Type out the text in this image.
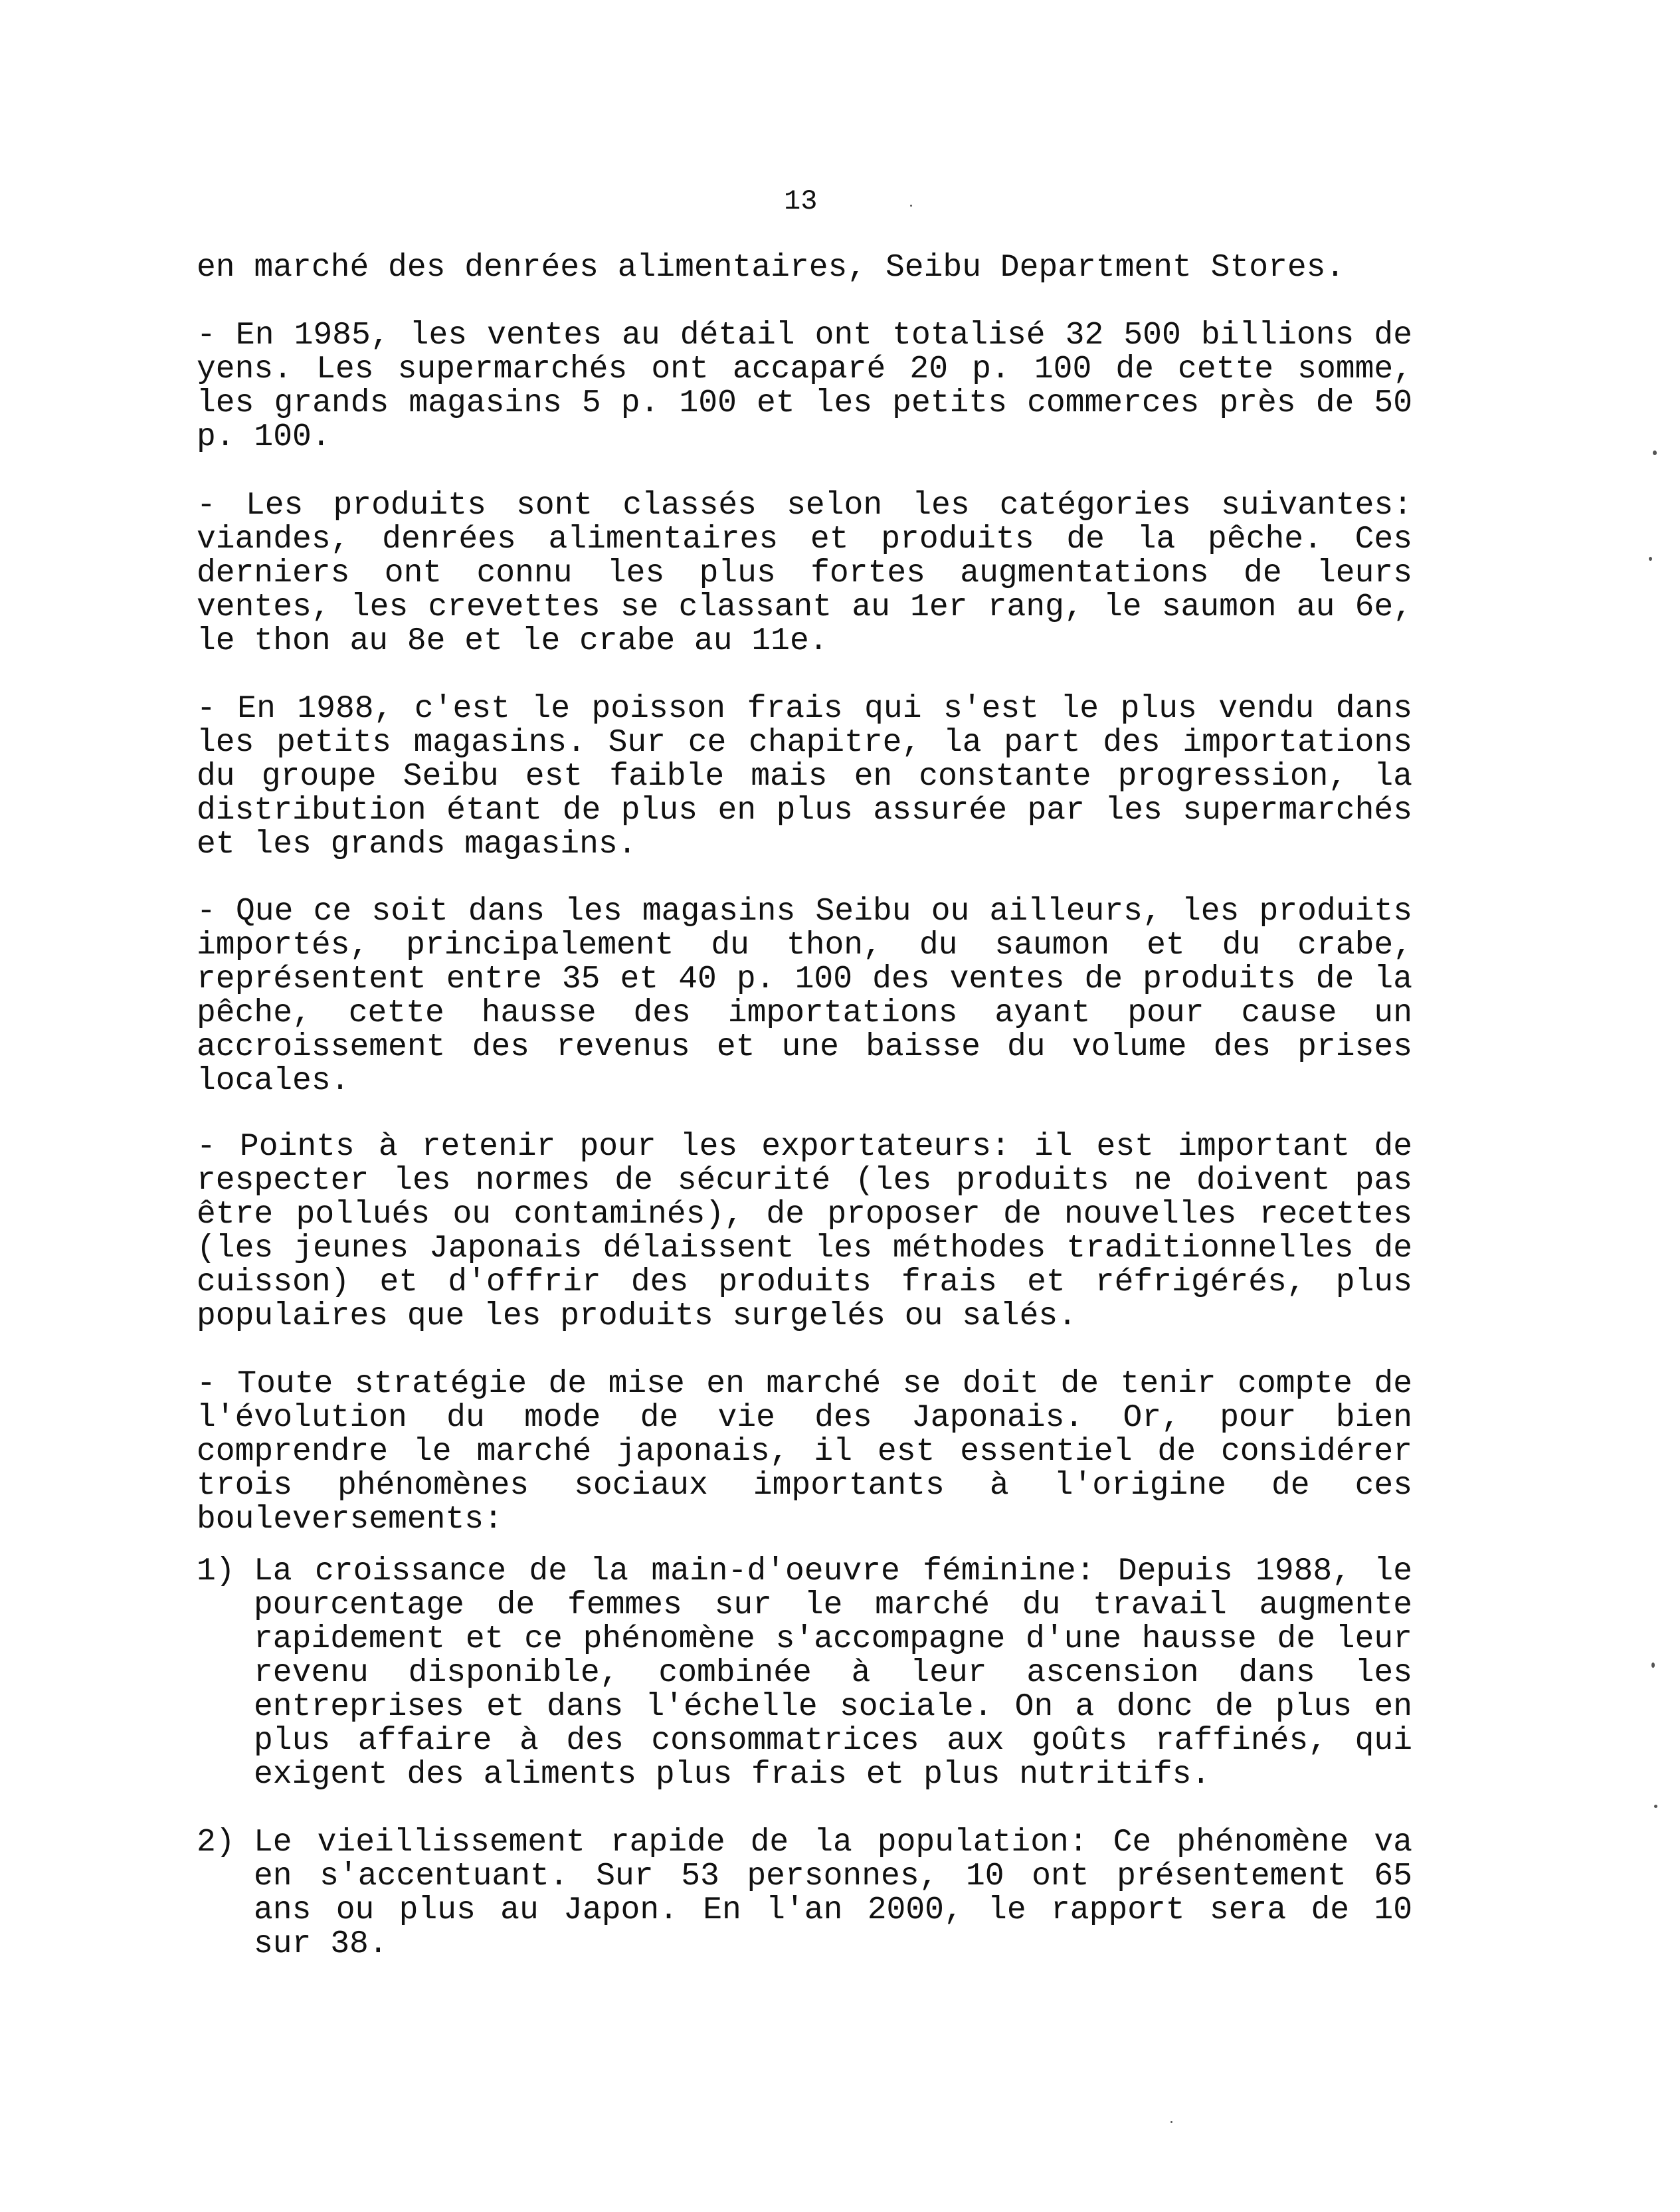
13

en marché des denrées alimentaires, Seibu Department Stores.

- En 1985, les ventes au détail ont totalisé 32 500 billions de yens. Les supermarchés ont accaparé 20 p. 100 de cette somme, les grands magasins 5 p. 100 et les petits commerces près de 50 p. 100.

- Les produits sont classés selon les catégories suivantes: viandes, denrées alimentaires et produits de la pêche. Ces derniers ont connu les plus fortes augmentations de leurs ventes, les crevettes se classant au 1er rang, le saumon au 6e, le thon au 8e et le crabe au 11e.

- En 1988, c'est le poisson frais qui s'est le plus vendu dans les petits magasins. Sur ce chapitre, la part des importations du groupe Seibu est faible mais en constante progression, la distribution étant de plus en plus assurée par les supermarchés et les grands magasins.

- Que ce soit dans les magasins Seibu ou ailleurs, les produits importés, principalement du thon, du saumon et du crabe, représentent entre 35 et 40 p. 100 des ventes de produits de la pêche, cette hausse des importations ayant pour cause un accroissement des revenus et une baisse du volume des prises locales.

- Points à retenir pour les exportateurs: il est important de respecter les normes de sécurité (les produits ne doivent pas être pollués ou contaminés), de proposer de nouvelles recettes (les jeunes Japonais délaissent les méthodes traditionnelles de cuisson) et d'offrir des produits frais et réfrigérés, plus populaires que les produits surgelés ou salés.

- Toute stratégie de mise en marché se doit de tenir compte de l'évolution du mode de vie des Japonais. Or, pour bien comprendre le marché japonais, il est essentiel de considérer trois phénomènes sociaux importants à l'origine de ces bouleversements:

1) La croissance de la main-d'oeuvre féminine: Depuis 1988, le pourcentage de femmes sur le marché du travail augmente rapidement et ce phénomène s'accompagne d'une hausse de leur revenu disponible, combinée à leur ascension dans les entreprises et dans l'échelle sociale. On a donc de plus en plus affaire à des consommatrices aux goûts raffinés, qui exigent des aliments plus frais et plus nutritifs.

2) Le vieillissement rapide de la population: Ce phénomène va en s'accentuant. Sur 53 personnes, 10 ont présentement 65 ans ou plus au Japon. En l'an 2000, le rapport sera de 10 sur 38.
